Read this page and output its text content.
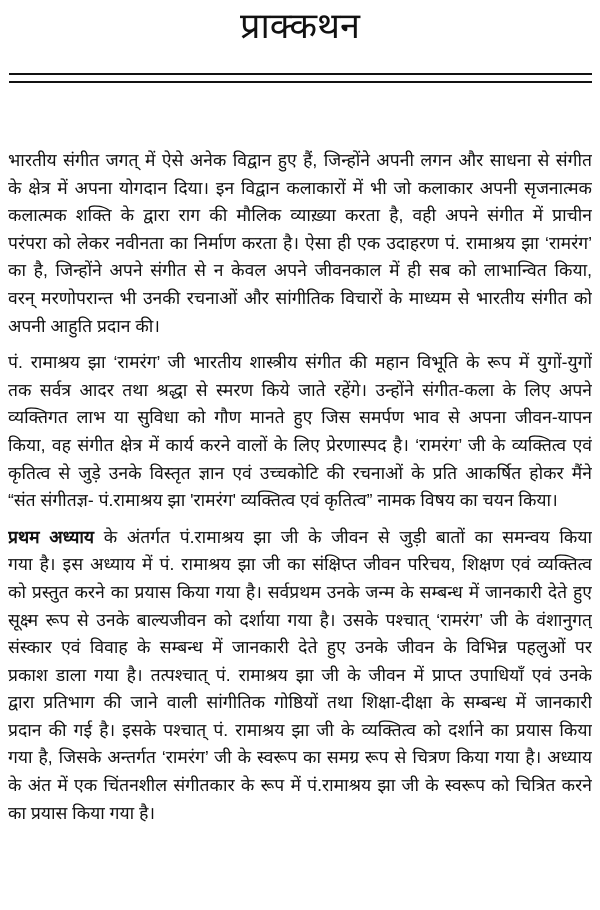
प्राक्कथन
भारतीय संगीत जगत् में ऐसे अनेक विद्वान हुए हैं, जिन्होंने अपनी लगन और साधना से संगीत
के क्षेत्र में अपना योगदान दिया। इन विद्वान कलाकारों में भी जो कलाकार अपनी सृजनात्मक
कलात्मक शक्ति के द्वारा राग की मौलिक व्याख़्या करता है, वही अपने संगीत में प्राचीन
परंपरा को लेकर नवीनता का निर्माण करता है। ऐसा ही एक उदाहरण पं. रामाश्रय झा ‘रामरंग’
का है, जिन्होंने अपने संगीत से न केवल अपने जीवनकाल में ही सब को लाभान्वित किया,
वरन् मरणोपरान्त भी उनकी रचनाओं और सांगीतिक विचारों के माध्यम से भारतीय संगीत को
अपनी आहुति प्रदान की।
पं. रामाश्रय झा ‘रामरंग’ जी भारतीय शास्त्रीय संगीत की महान विभूति के रूप में युगों-युगों
तक सर्वत्र आदर तथा श्रद्धा से स्मरण किये जाते रहेंगे। उन्होंने संगीत-कला के लिए अपने
व्यक्तिगत लाभ या सुविधा को गौण मानते हुए जिस समर्पण भाव से अपना जीवन-यापन
किया, वह संगीत क्षेत्र में कार्य करने वालों के लिए प्रेरणास्पद है। ‘रामरंग’ जी के व्यक्तित्व एवं
कृतित्व से जुड़े उनके विस्तृत ज्ञान एवं उच्चकोटि की रचनाओं के प्रति आकर्षित होकर मैंने
“संत संगीतज्ञ- पं.रामाश्रय झा 'रामरंग' व्यक्तित्व एवं कृतित्व” नामक विषय का चयन किया।
प्रथम अध्याय के अंतर्गत पं.रामाश्रय झा जी के जीवन से जुड़ी बातों का समन्वय किया
गया है। इस अध्याय में पं. रामाश्रय झा जी का संक्षिप्त जीवन परिचय, शिक्षण एवं व्यक्तित्व
को प्रस्तुत करने का प्रयास किया गया है। सर्वप्रथम उनके जन्म के सम्बन्ध में जानकारी देते हुए
सूक्ष्म रूप से उनके बाल्यजीवन को दर्शाया गया है। उसके पश्चात् ‘रामरंग’ जी के वंशानुगत्
संस्कार एवं विवाह के सम्बन्ध में जानकारी देते हुए उनके जीवन के विभिन्न पहलुओं पर
प्रकाश डाला गया है। तत्पश्चात् पं. रामाश्रय झा जी के जीवन में प्राप्त उपाधियाँ एवं उनके
द्वारा प्रतिभाग की जाने वाली सांगीतिक गोष्ठियों तथा शिक्षा-दीक्षा के सम्बन्ध में जानकारी
प्रदान की गई है। इसके पश्चात् पं. रामाश्रय झा जी के व्यक्तित्व को दर्शाने का प्रयास किया
गया है, जिसके अन्तर्गत ‘रामरंग’ जी के स्वरूप का समग्र रूप से चित्रण किया गया है। अध्याय
के अंत में एक चिंतनशील संगीतकार के रूप में पं.रामाश्रय झा जी के स्वरूप को चित्रित करने
का प्रयास किया गया है।
